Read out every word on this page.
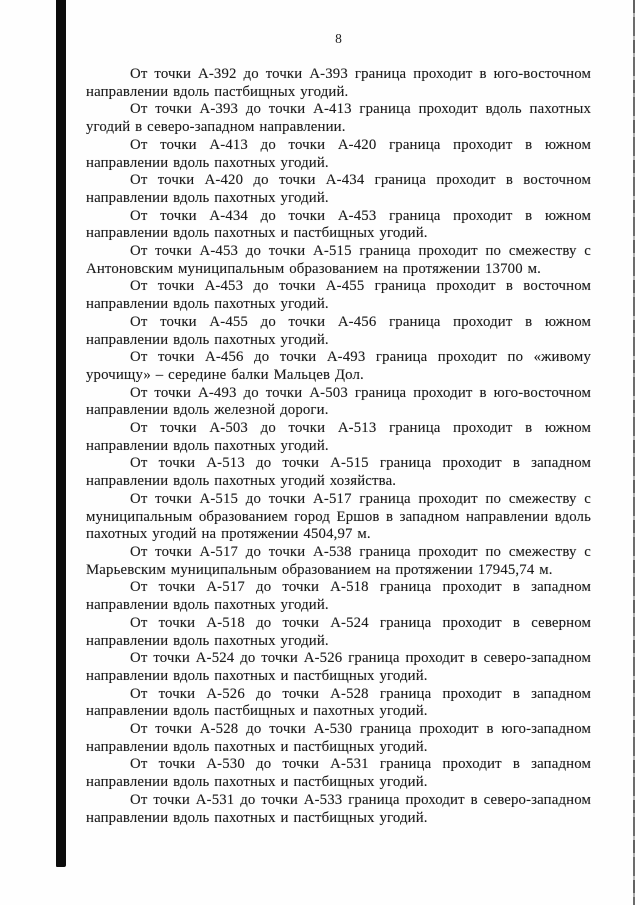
8

От точки А-392 до точки А-393 граница проходит в юго-восточном направлении вдоль пастбищных угодий.

От точки А-393 до точки А-413 граница проходит вдоль пахотных угодий в северо-западном направлении.

От точки А-413 до точки А-420 граница проходит в южном направлении вдоль пахотных угодий.

От точки А-420 до точки А-434 граница проходит в восточном направлении вдоль пахотных угодий.

От точки А-434 до точки А-453 граница проходит в южном направлении вдоль пахотных и пастбищных угодий.

От точки А-453 до точки А-515 граница проходит по смежеству с Антоновским муниципальным образованием на протяжении 13700 м.

От точки А-453 до точки А-455 граница проходит в восточном направлении вдоль пахотных угодий.

От точки А-455 до точки А-456 граница проходит в южном направлении вдоль пахотных угодий.

От точки А-456 до точки А-493 граница проходит по «живому урочищу» – середине балки Мальцев Дол.

От точки А-493 до точки А-503 граница проходит в юго-восточном направлении вдоль железной дороги.

От точки А-503 до точки А-513 граница проходит в южном направлении вдоль пахотных угодий.

От точки А-513 до точки А-515 граница проходит в западном направлении вдоль пахотных угодий хозяйства.

От точки А-515 до точки А-517 граница проходит по смежеству с муниципальным образованием город Ершов в западном направлении вдоль пахотных угодий на протяжении 4504,97 м.

От точки А-517 до точки А-538 граница проходит по смежеству с Марьевским муниципальным образованием на протяжении 17945,74 м.

От точки А-517 до точки А-518 граница проходит в западном направлении вдоль пахотных угодий.

От точки А-518 до точки А-524 граница проходит в северном направлении вдоль пахотных угодий.

От точки А-524 до точки А-526 граница проходит в северо-западном направлении вдоль пахотных и пастбищных угодий.

От точки А-526 до точки А-528 граница проходит в западном направлении вдоль пастбищных и пахотных угодий.

От точки А-528 до точки А-530 граница проходит в юго-западном направлении вдоль пахотных и пастбищных угодий.

От точки А-530 до точки А-531 граница проходит в западном направлении вдоль пахотных и пастбищных угодий.

От точки А-531 до точки А-533 граница проходит в северо-западном направлении вдоль пахотных и пастбищных угодий.
